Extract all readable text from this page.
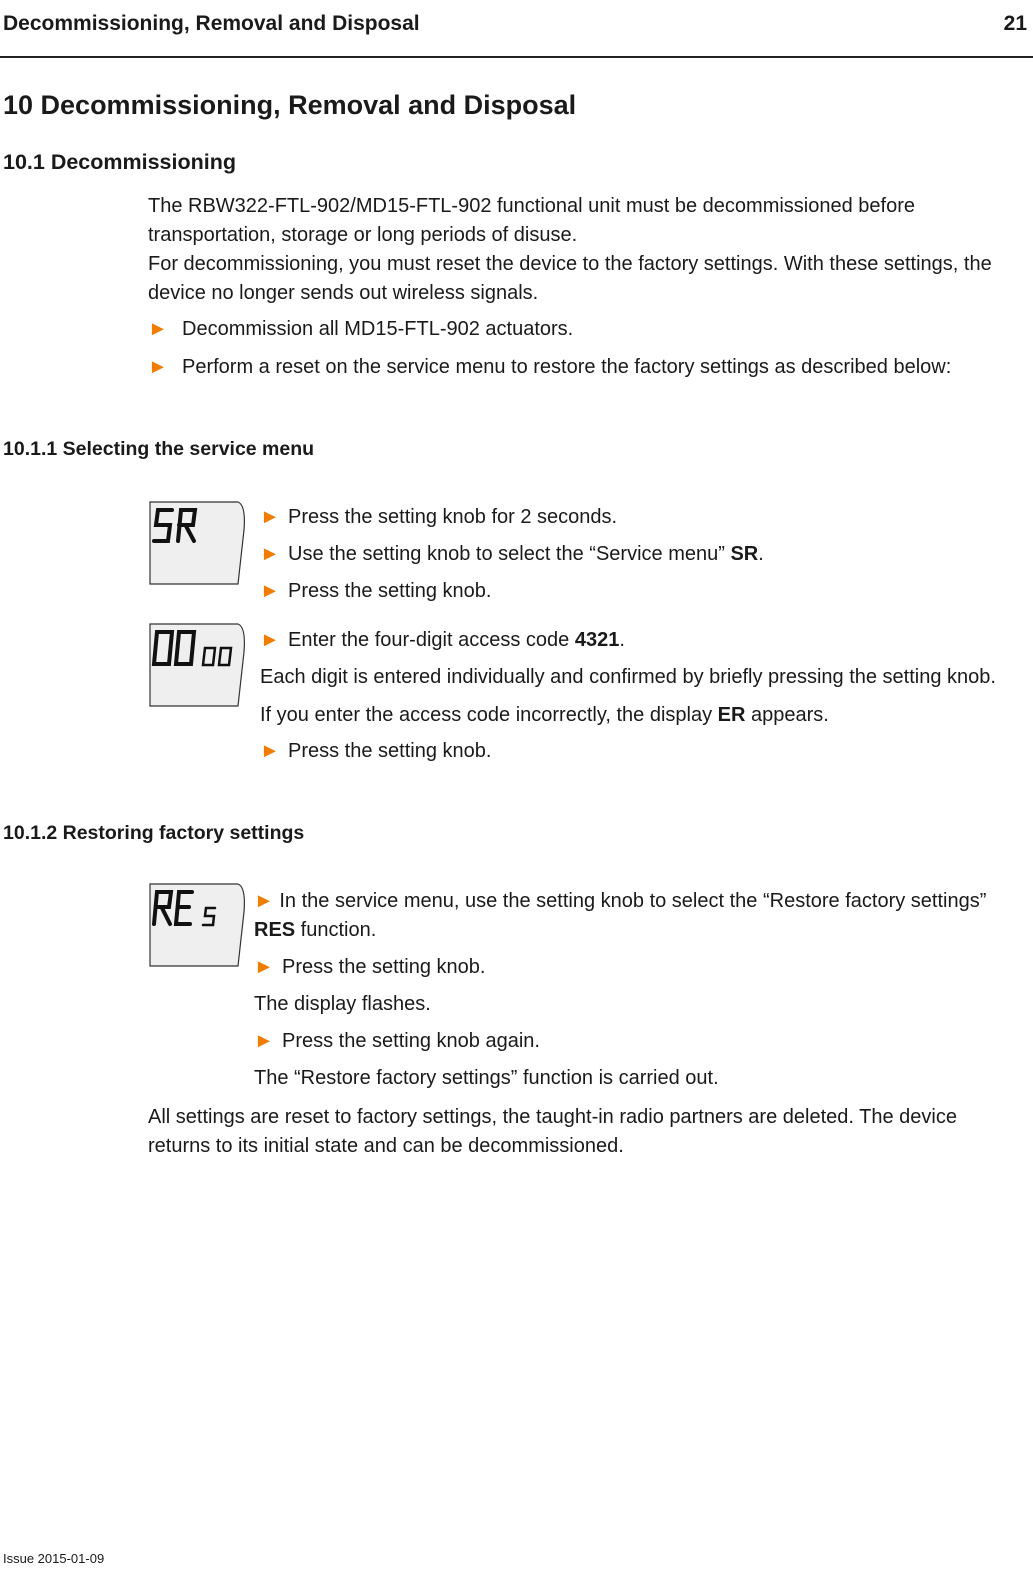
Decommissioning, Removal and Disposal	21
10 Decommissioning, Removal and Disposal
10.1 Decommissioning
The RBW322-FTL-902/MD15-FTL-902 functional unit must be decommissioned before transportation, storage or long periods of disuse.
For decommissioning, you must reset the device to the factory settings. With these settings, the device no longer sends out wireless signals.
► Decommission all MD15-FTL-902 actuators.
► Perform a reset on the service menu to restore the factory settings as described below:
10.1.1 Selecting the service menu
SR
► Press the setting knob for 2 seconds.
► Use the setting knob to select the “Service menu” SR.
► Press the setting knob.
0000
► Enter the four-digit access code 4321.
Each digit is entered individually and confirmed by briefly pressing the setting knob.
If you enter the access code incorrectly, the display ER appears.
► Press the setting knob.
10.1.2 Restoring factory settings
RES
► In the service menu, use the setting knob to select the “Restore factory settings” RES function.
► Press the setting knob.
The display flashes.
► Press the setting knob again.
The “Restore factory settings” function is carried out.
All settings are reset to factory settings, the taught-in radio partners are deleted. The device returns to its initial state and can be decommissioned.
Issue 2015-01-09
